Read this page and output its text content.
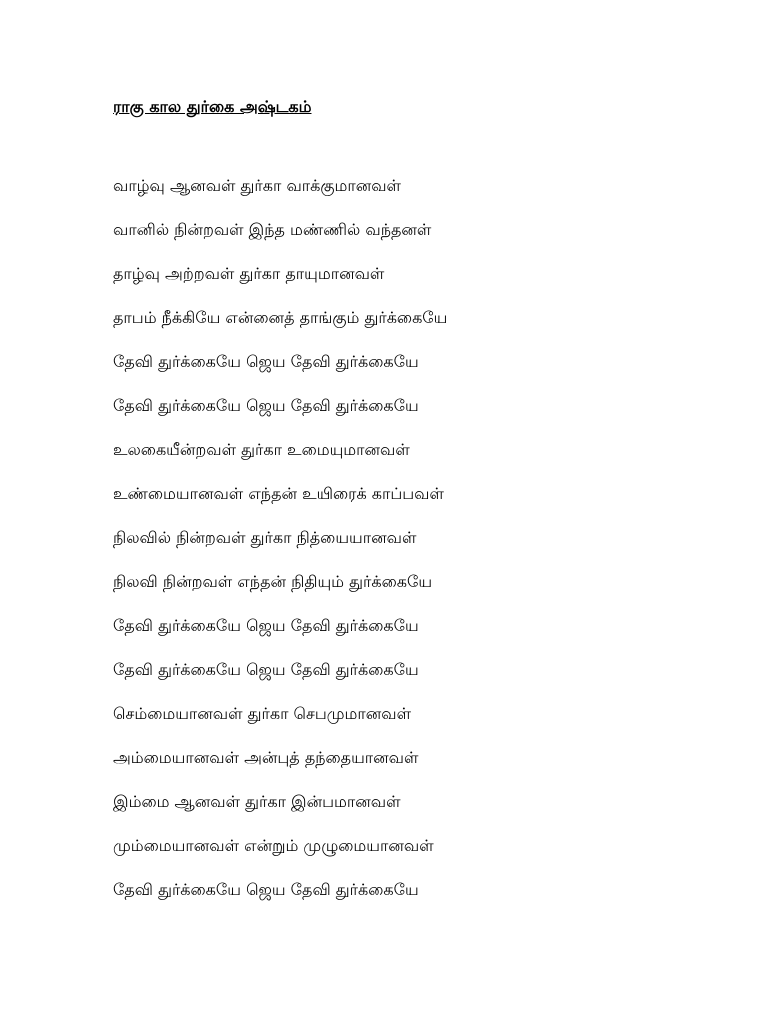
ராகு கால துர்கை அஷ்டகம்
வாழ்வு ஆனவள் துர்கா வாக்குமானவள்
வானில் நின்றவள் இந்த மண்ணில் வந்தனள்
தாழ்வு அற்றவள் துர்கா தாயுமானவள்
தாபம் நீக்கியே என்னைத் தாங்கும் துர்க்கையே
தேவி துர்க்கையே ஜெய தேவி துர்க்கையே
தேவி துர்க்கையே ஜெய தேவி துர்க்கையே
உலகையீன்றவள் துர்கா உமையுமானவள்
உண்மையானவள் எந்தன் உயிரைக் காப்பவள்
நிலவில் நின்றவள் துர்கா நித்யையானவள்
நிலவி நின்றவள் எந்தன் நிதியும் துர்க்கையே
தேவி துர்க்கையே ஜெய தேவி துர்க்கையே
தேவி துர்க்கையே ஜெய தேவி துர்க்கையே
செம்மையானவள் துர்கா செபமுமானவள்
அம்மையானவள் அன்புத் தந்தையானவள்
இம்மை ஆனவள் துர்கா இன்பமானவள்
மும்மையானவள் என்றும் முழுமையானவள்
தேவி துர்க்கையே ஜெய தேவி துர்க்கையே
